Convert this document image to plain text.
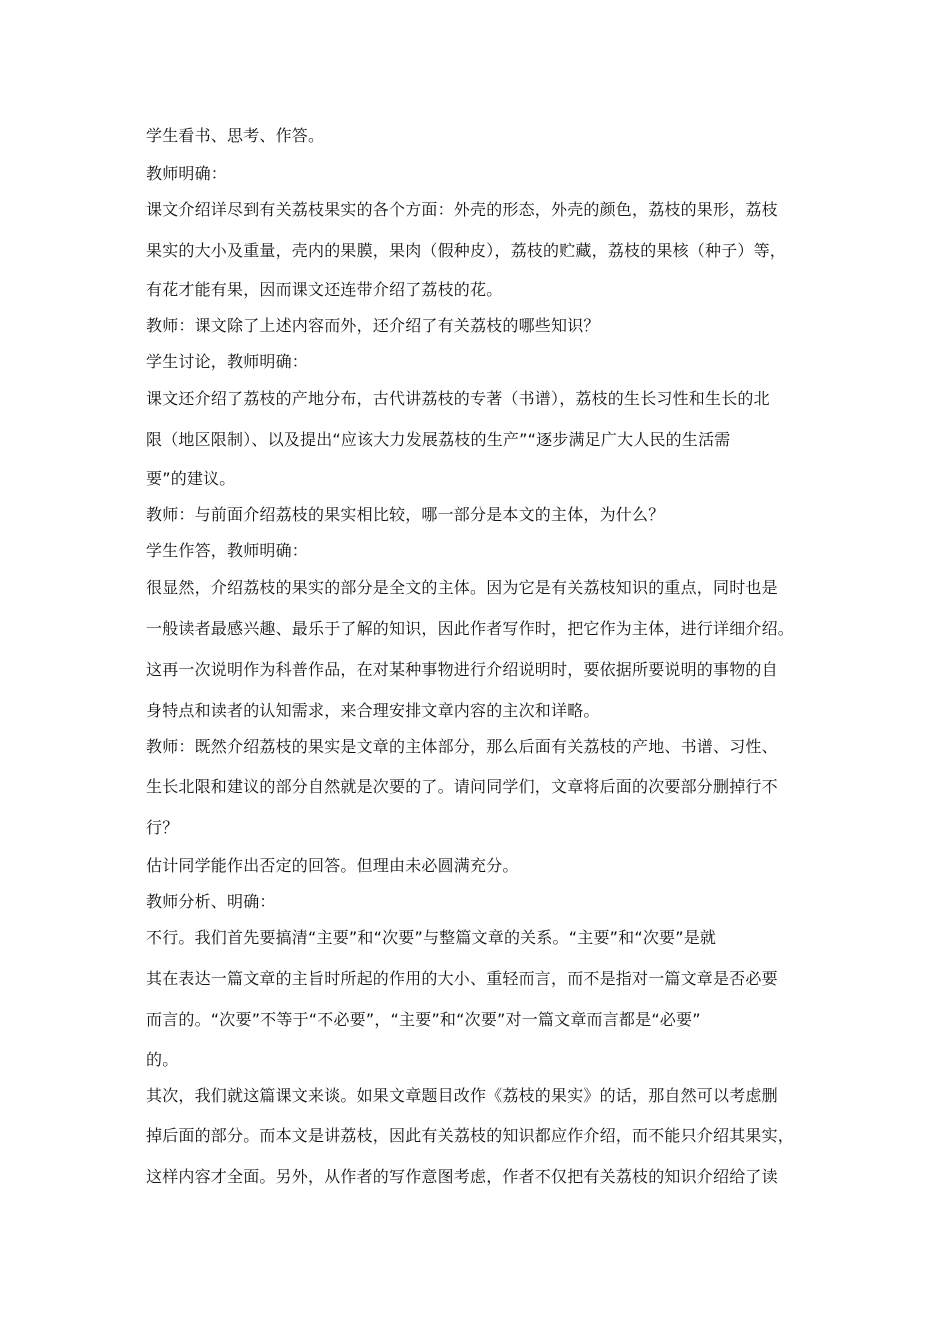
学生看书、思考、作答。
教师明确：
课文介绍详尽到有关荔枝果实的各个方面：外壳的形态，外壳的颜色，荔枝的果形，荔枝
果实的大小及重量，壳内的果膜，果肉（假种皮），荔枝的贮藏，荔枝的果核（种子）等，
有花才能有果，因而课文还连带介绍了荔枝的花。
教师：课文除了上述内容而外，还介绍了有关荔枝的哪些知识？
学生讨论，教师明确：
课文还介绍了荔枝的产地分布，古代讲荔枝的专著（书谱），荔枝的生长习性和生长的北
限（地区限制）、以及提出“应该大力发展荔枝的生产”“逐步满足广大人民的生活需
要”的建议。
教师：与前面介绍荔枝的果实相比较，哪一部分是本文的主体，为什么？
学生作答，教师明确：
很显然，介绍荔枝的果实的部分是全文的主体。因为它是有关荔枝知识的重点，同时也是
一般读者最感兴趣、最乐于了解的知识，因此作者写作时，把它作为主体，进行详细介绍。
这再一次说明作为科普作品，在对某种事物进行介绍说明时，要依据所要说明的事物的自
身特点和读者的认知需求，来合理安排文章内容的主次和详略。
教师：既然介绍荔枝的果实是文章的主体部分，那么后面有关荔枝的产地、书谱、习性、
生长北限和建议的部分自然就是次要的了。请问同学们，文章将后面的次要部分删掉行不
行？
估计同学能作出否定的回答。但理由未必圆满充分。
教师分析、明确：
不行。我们首先要搞清“主要”和“次要”与整篇文章的关系。“主要”和“次要”是就
其在表达一篇文章的主旨时所起的作用的大小、重轻而言，而不是指对一篇文章是否必要
而言的。“次要”不等于“不必要”，“主要”和“次要”对一篇文章而言都是“必要”
的。
其次，我们就这篇课文来谈。如果文章题目改作《荔枝的果实》的话，那自然可以考虑删
掉后面的部分。而本文是讲荔枝，因此有关荔枝的知识都应作介绍，而不能只介绍其果实，
这样内容才全面。另外，从作者的写作意图考虑，作者不仅把有关荔枝的知识介绍给了读
